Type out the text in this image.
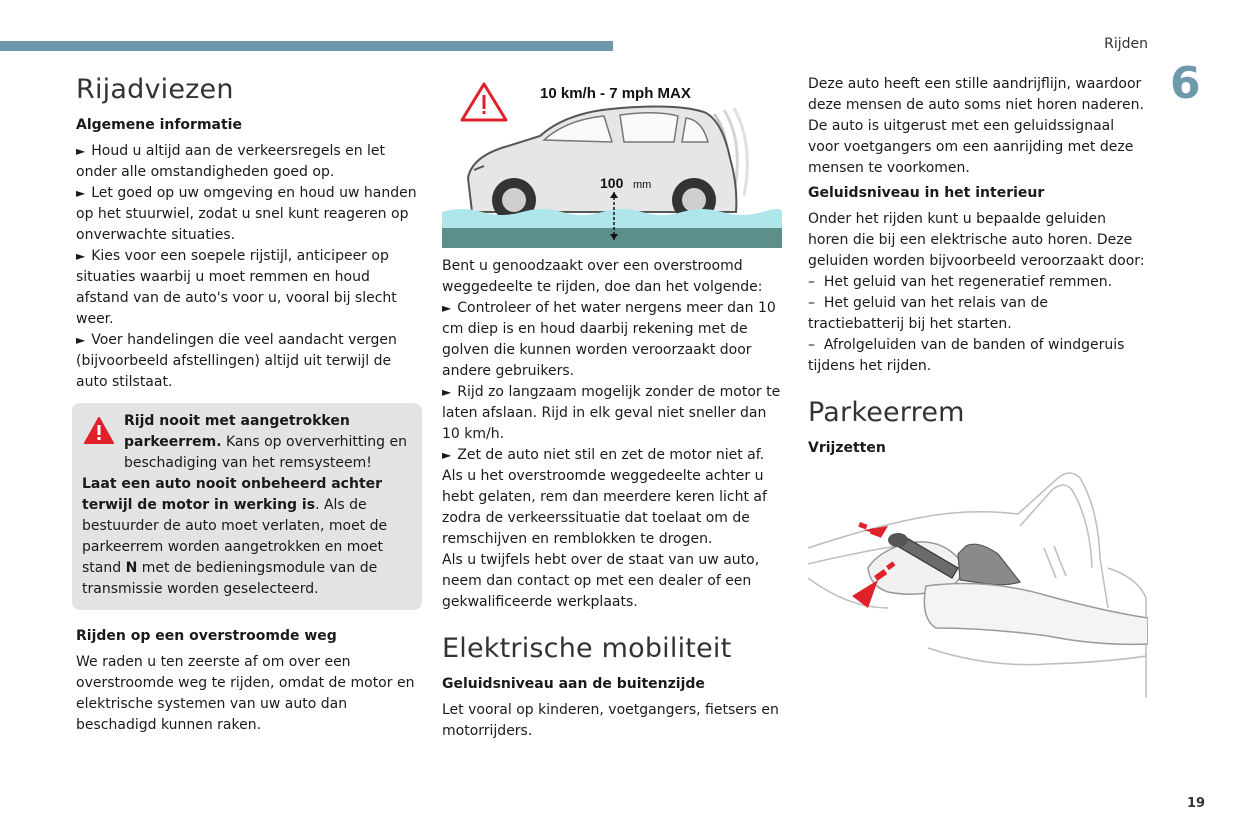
Rijden
6
19
Rijadviezen
Algemene informatie

► Houd u altijd aan de verkeersregels en let onder alle omstandigheden goed op.

► Let goed op uw omgeving en houd uw handen op het stuurwiel, zodat u snel kunt reageren op onverwachte situaties.

► Kies voor een soepele rijstijl, anticipeer op situaties waarbij u moet remmen en houd afstand van de auto's voor u, vooral bij slecht weer.

► Voer handelingen die veel aandacht vergen (bijvoorbeeld afstellingen) altijd uit terwijl de auto stilstaat.

Rijd nooit met aangetrokken
parkeerrem. Kans op oververhitting en beschadiging van het remsysteem!

Laat een auto nooit onbeheerd achter terwijl de motor in werking is. Als de bestuurder de auto moet verlaten, moet de parkeerrem worden aangetrokken en moet stand N met de bedieningsmodule van de transmissie worden geselecteerd.

Rijden op een overstroomde weg

We raden u ten zeerste af om over een overstroomde weg te rijden, omdat de motor en elektrische systemen van uw auto dan beschadigd kunnen raken.

10 km/h - 7 mph MAX
100 mm

Bent u genoodzaakt over een overstroomd weggedeelte te rijden, doe dan het volgende:

► Controleer of het water nergens meer dan 10 cm diep is en houd daarbij rekening met de golven die kunnen worden veroorzaakt door andere gebruikers.

► Rijd zo langzaam mogelijk zonder de motor te laten afslaan. Rijd in elk geval niet sneller dan 10 km/h.

► Zet de auto niet stil en zet de motor niet af.

Als u het overstroomde weggedeelte achter u hebt gelaten, rem dan meerdere keren licht af zodra de verkeerssituatie dat toelaat om de remschijven en remblokken te drogen.

Als u twijfels hebt over de staat van uw auto, neem dan contact op met een dealer of een gekwalificeerde werkplaats.

Elektrische mobiliteit
Geluidsniveau aan de buitenzijde

Let vooral op kinderen, voetgangers, fietsers en motorrijders.

Deze auto heeft een stille aandrijflijn, waardoor deze mensen de auto soms niet horen naderen. De auto is uitgerust met een geluidssignaal voor voetgangers om een aanrijding met deze mensen te voorkomen.

Geluidsniveau in het interieur

Onder het rijden kunt u bepaalde geluiden horen die bij een elektrische auto horen. Deze geluiden worden bijvoorbeeld veroorzaakt door:

–  Het geluid van het regeneratief remmen.

–  Het geluid van het relais van de tractiebatterij bij het starten.

–  Afrolgeluiden van de banden of windgeruis tijdens het rijden.

Parkeerrem
Vrijzetten
